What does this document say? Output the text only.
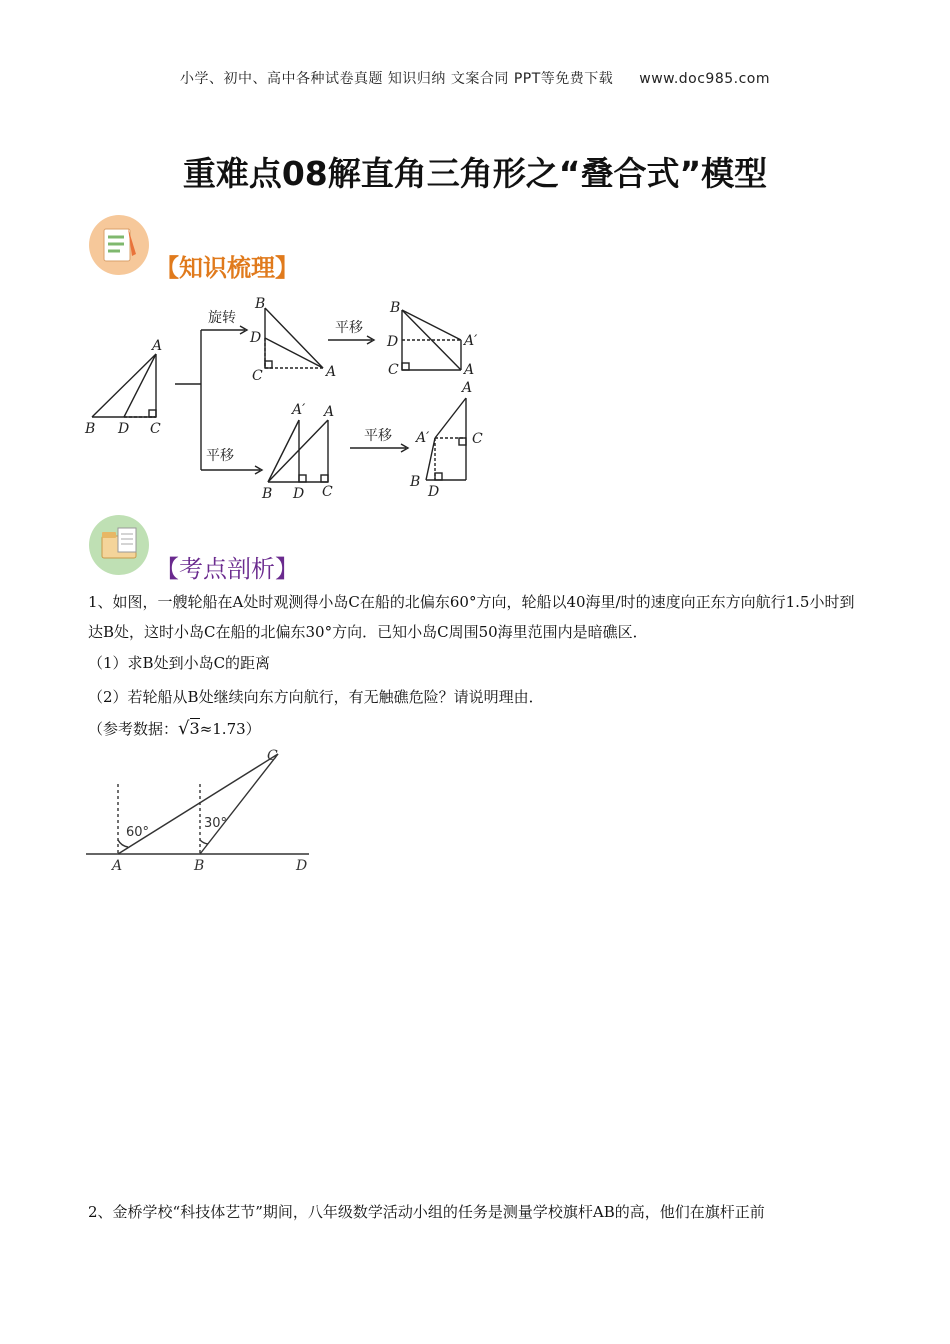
小学、初中、高中各种试卷真题 知识归纳 文案合同 PPT等免费下载 www.doc985.com
重难点08解直角三角形之“叠合式”模型
【知识梳理】
B D C
A
旋转
平移
B
D
C	A
平移
B
D
C
A′
A
A′ A
B D C
平移
A
A′	C
B
D
【考点剖析】
1、如图，一艘轮船在A处时观测得小岛C在船的北偏东60°方向，轮船以40海里/时的速度向正东方向航行1.5小时到达B处，这时小岛C在船的北偏东30°方向．已知小岛C周围50海里范围内是暗礁区．
（1）求B处到小岛C的距离
（2）若轮船从B处继续向东方向航行，有无触礁危险？请说明理由．
（参考数据：√3≈1.73）
60°
30°
A	B
C
D
2、金桥学校“科技体艺节”期间，八年级数学活动小组的任务是测量学校旗杆AB的高，他们在旗杆正前
